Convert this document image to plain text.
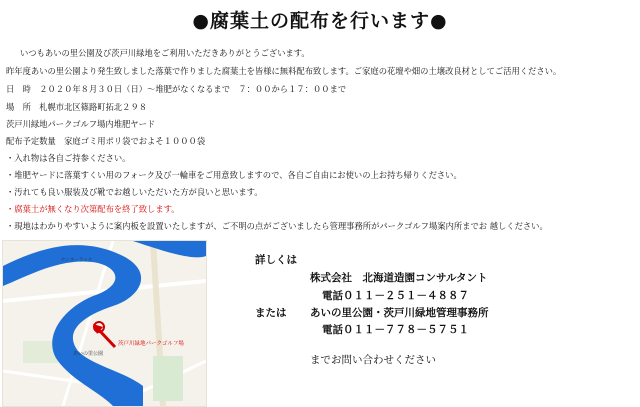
●腐葉土の配布を行います●
いつもあいの里公園及び茨戸川緑地をご利用いただきありがとうございます。
昨年度あいの里公園より発生致しました落葉で作りました腐葉土を皆様に無料配布致します。ご家庭の花壇や畑の土壌改良材としてご活用ください。
日　時　２０２０年８月３０日（日）～堆肥がなくなるまで　７：００から１７：００まで
場　所　札幌市北区篠路町拓北２９８
茨戸川緑地パークゴルフ場内堆肥ヤード
配布予定数量　家庭ゴミ用ポリ袋でおよそ１０００袋
・入れ物は各自ご持参ください。
・堆肥ヤードに落葉すくい用のフォーク及び一輪車をご用意致しますので、各自ご自由にお使いの上お持ち帰りください。
・汚れても良い服装及び靴でお越しいただいた方が良いと思います。
・腐葉土が無くなり次第配布を終了致します。
・現地はわかりやすいように案内板を設置いたしますが、ご不明の点がございましたら管理事務所がパークゴルフ場案内所までお 越しください。
茨戸川緑地パークゴルフ場
あいの里公園
センターラック	詳しくは
株式会社　北海道造園コンサルタント
電話０１１－２５１－４８８７
または あいの里公園・茨戸川緑地管理事務所
電話０１１－７７８－５７５１
までお問い合わせください
